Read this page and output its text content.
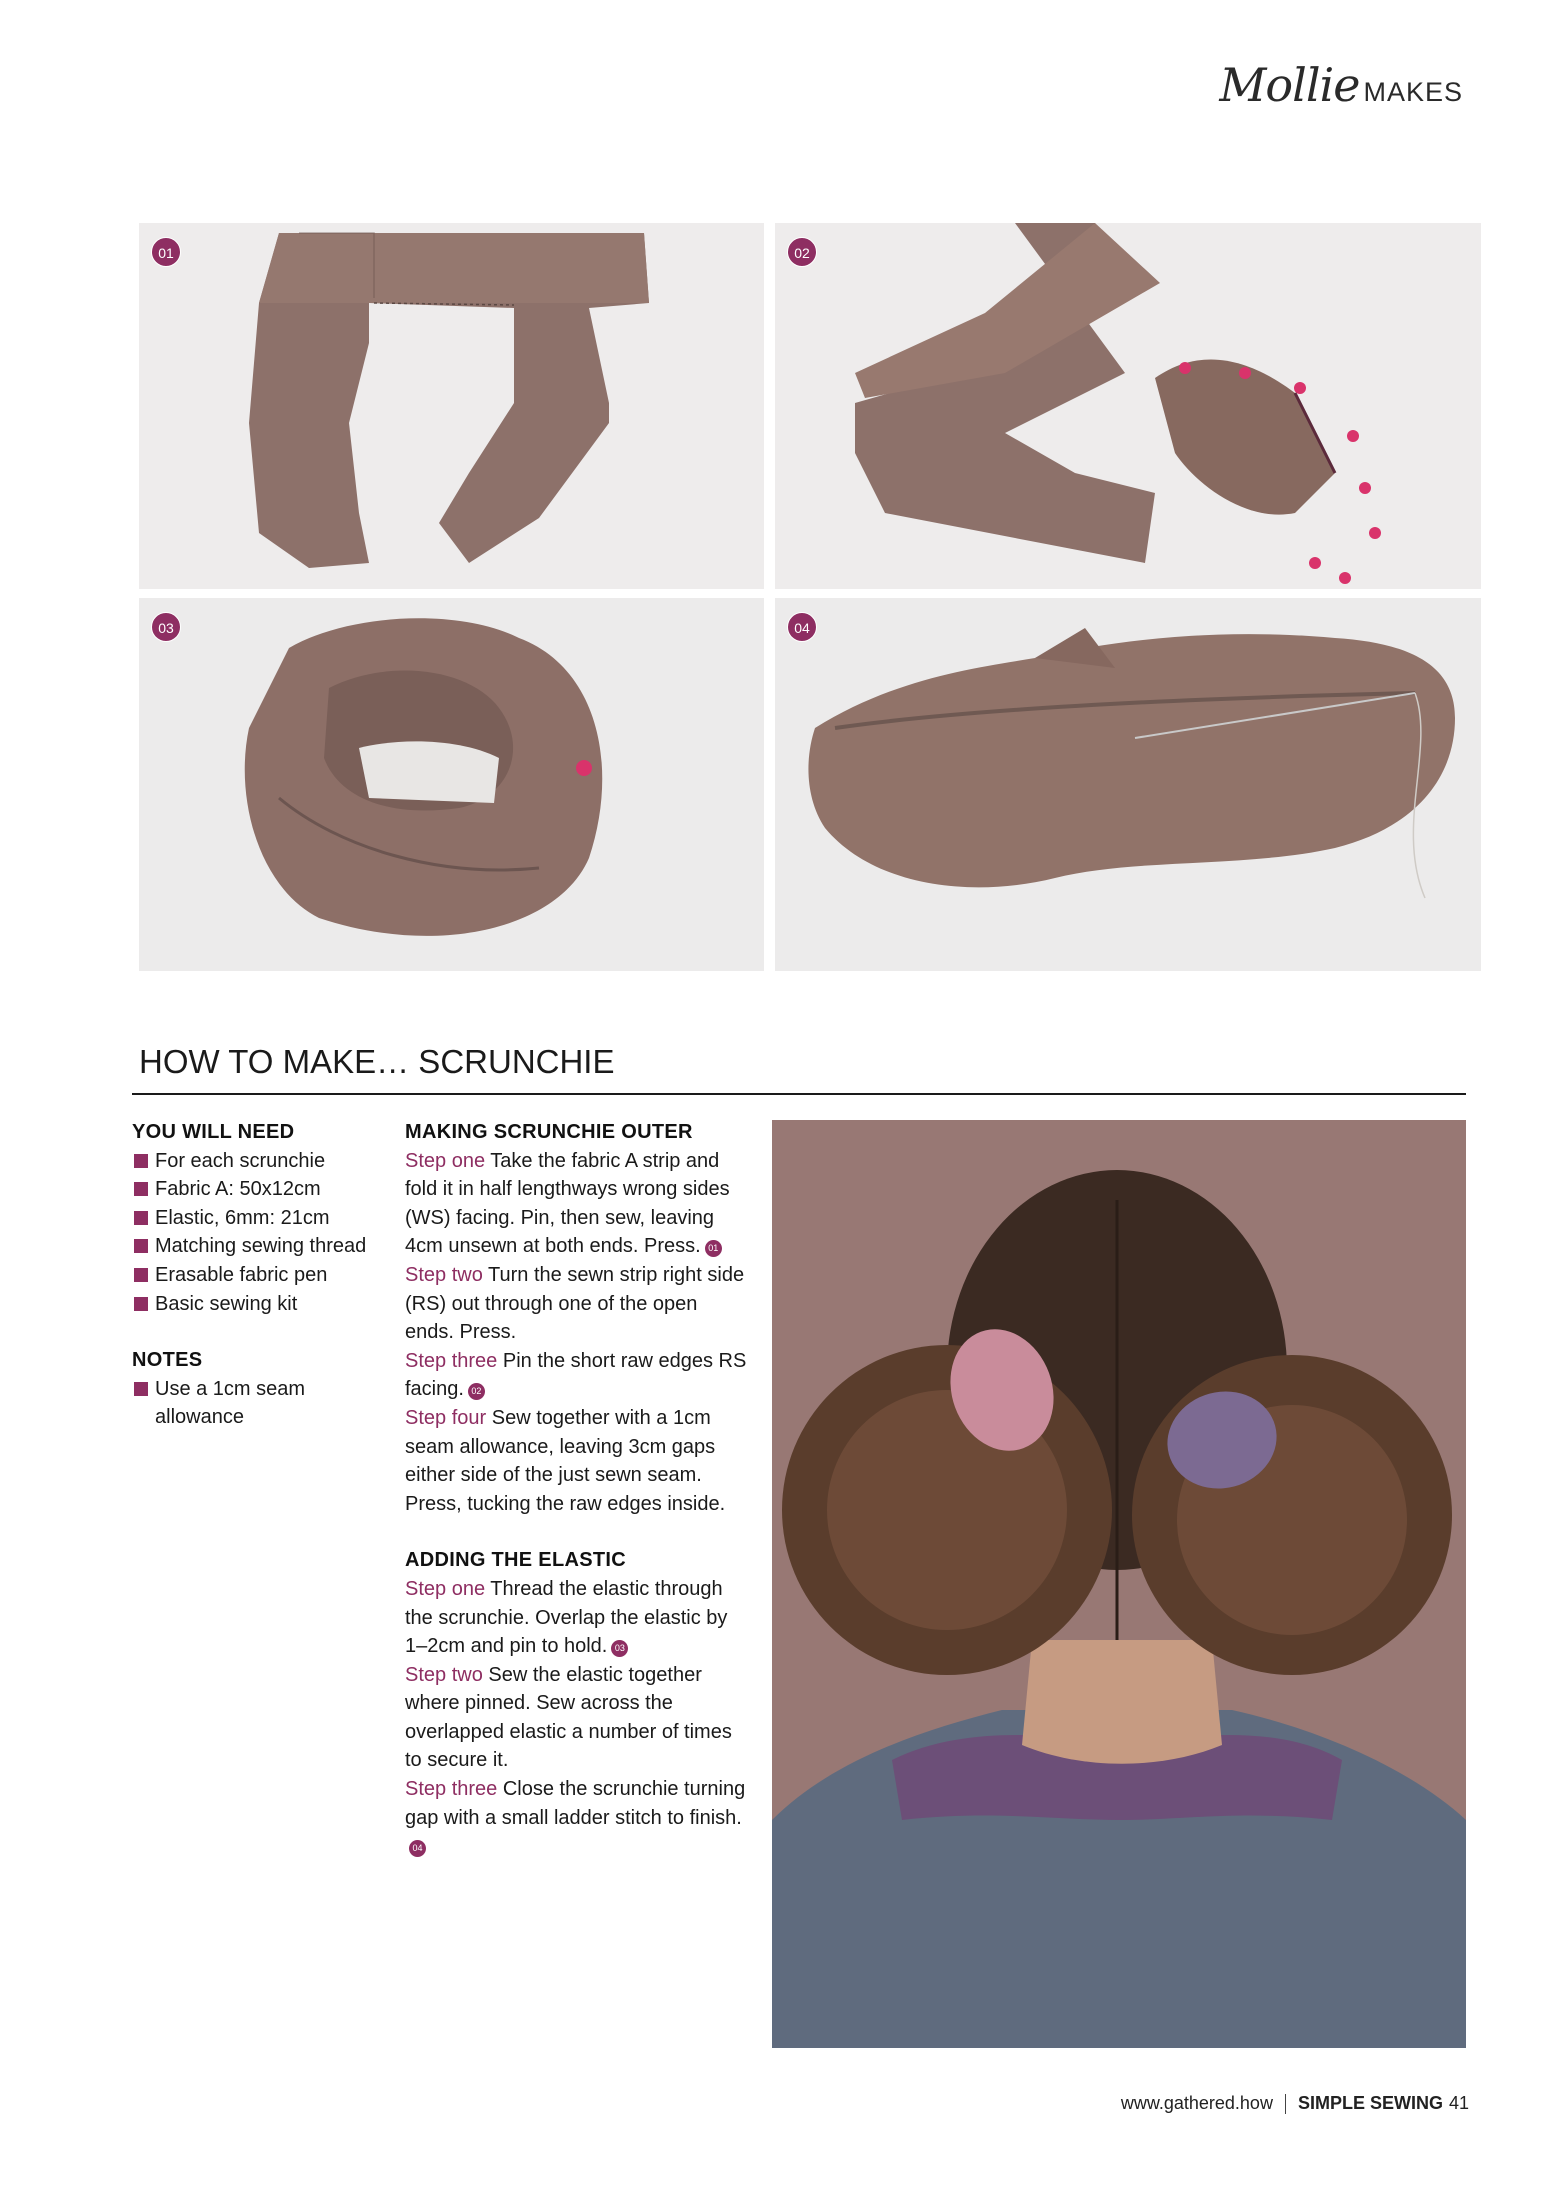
Mollie MAKES
01	02
03	04
HOW TO MAKE… SCRUNCHIE
YOU WILL NEED
For each scrunchie
Fabric A: 50x12cm
Elastic, 6mm: 21cm
Matching sewing thread
Erasable fabric pen
Basic sewing kit
NOTES
Use a 1cm seam allowance
MAKING SCRUNCHIE OUTER
Step one Take the fabric A strip and fold it in half lengthways wrong sides (WS) facing. Pin, then sew, leaving 4cm unsewn at both ends. Press. 01
Step two Turn the sewn strip right side (RS) out through one of the open ends. Press.
Step three Pin the short raw edges RS facing. 02
Step four Sew together with a 1cm seam allowance, leaving 3cm gaps either side of the just sewn seam. Press, tucking the raw edges inside.
ADDING THE ELASTIC
Step one Thread the elastic through the scrunchie. Overlap the elastic by 1–2cm and pin to hold. 03
Step two Sew the elastic together where pinned. Sew across the overlapped elastic a number of times to secure it.
Step three Close the scrunchie turning gap with a small ladder stitch to finish.04
www.gathered.how SIMPLE SEWING 41
